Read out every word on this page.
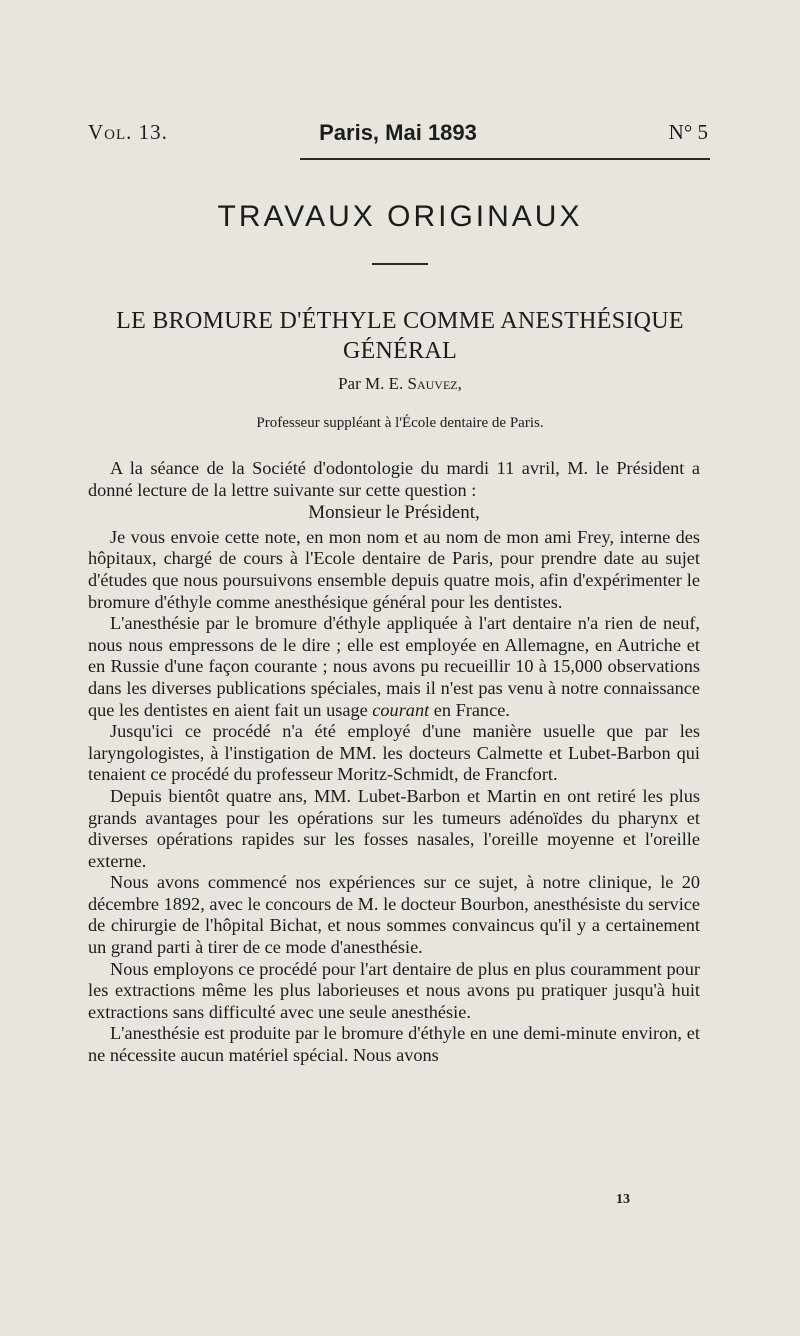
Vol. 13.	Paris, Mai 1893	N° 5
TRAVAUX ORIGINAUX
LE BROMURE D'ÉTHYLE COMME ANESTHÉSIQUE GÉNÉRAL
Par M. E. Sauvez,
Professeur suppléant à l'École dentaire de Paris.

A la séance de la Société d'odontologie du mardi 11 avril, M. le Président a donné lecture de la lettre suivante sur cette question :

Monsieur le Président,

Je vous envoie cette note, en mon nom et au nom de mon ami Frey, interne des hôpitaux, chargé de cours à l'Ecole dentaire de Paris, pour prendre date au sujet d'études que nous poursuivons ensemble depuis quatre mois, afin d'expérimenter le bromure d'éthyle comme anesthésique général pour les dentistes.

L'anesthésie par le bromure d'éthyle appliquée à l'art dentaire n'a rien de neuf, nous nous empressons de le dire ; elle est employée en Allemagne, en Autriche et en Russie d'une façon courante ; nous avons pu recueillir 10 à 15,000 observations dans les diverses publications spéciales, mais il n'est pas venu à notre connaissance que les dentistes en aient fait un usage courant en France.

Jusqu'ici ce procédé n'a été employé d'une manière usuelle que par les laryngologistes, à l'instigation de MM. les docteurs Calmette et Lubet-Barbon qui tenaient ce procédé du professeur Moritz-Schmidt, de Francfort.

Depuis bientôt quatre ans, MM. Lubet-Barbon et Martin en ont retiré les plus grands avantages pour les opérations sur les tumeurs adénoïdes du pharynx et diverses opérations rapides sur les fosses nasales, l'oreille moyenne et l'oreille externe.

Nous avons commencé nos expériences sur ce sujet, à notre clinique, le 20 décembre 1892, avec le concours de M. le docteur Bourbon, anesthésiste du service de chirurgie de l'hôpital Bichat, et nous sommes convaincus qu'il y a certainement un grand parti à tirer de ce mode d'anesthésie.

Nous employons ce procédé pour l'art dentaire de plus en plus couramment pour les extractions même les plus laborieuses et nous avons pu pratiquer jusqu'à huit extractions sans difficulté avec une seule anesthésie.

L'anesthésie est produite par le bromure d'éthyle en une demi-minute environ, et ne nécessite aucun matériel spécial. Nous avons

13
